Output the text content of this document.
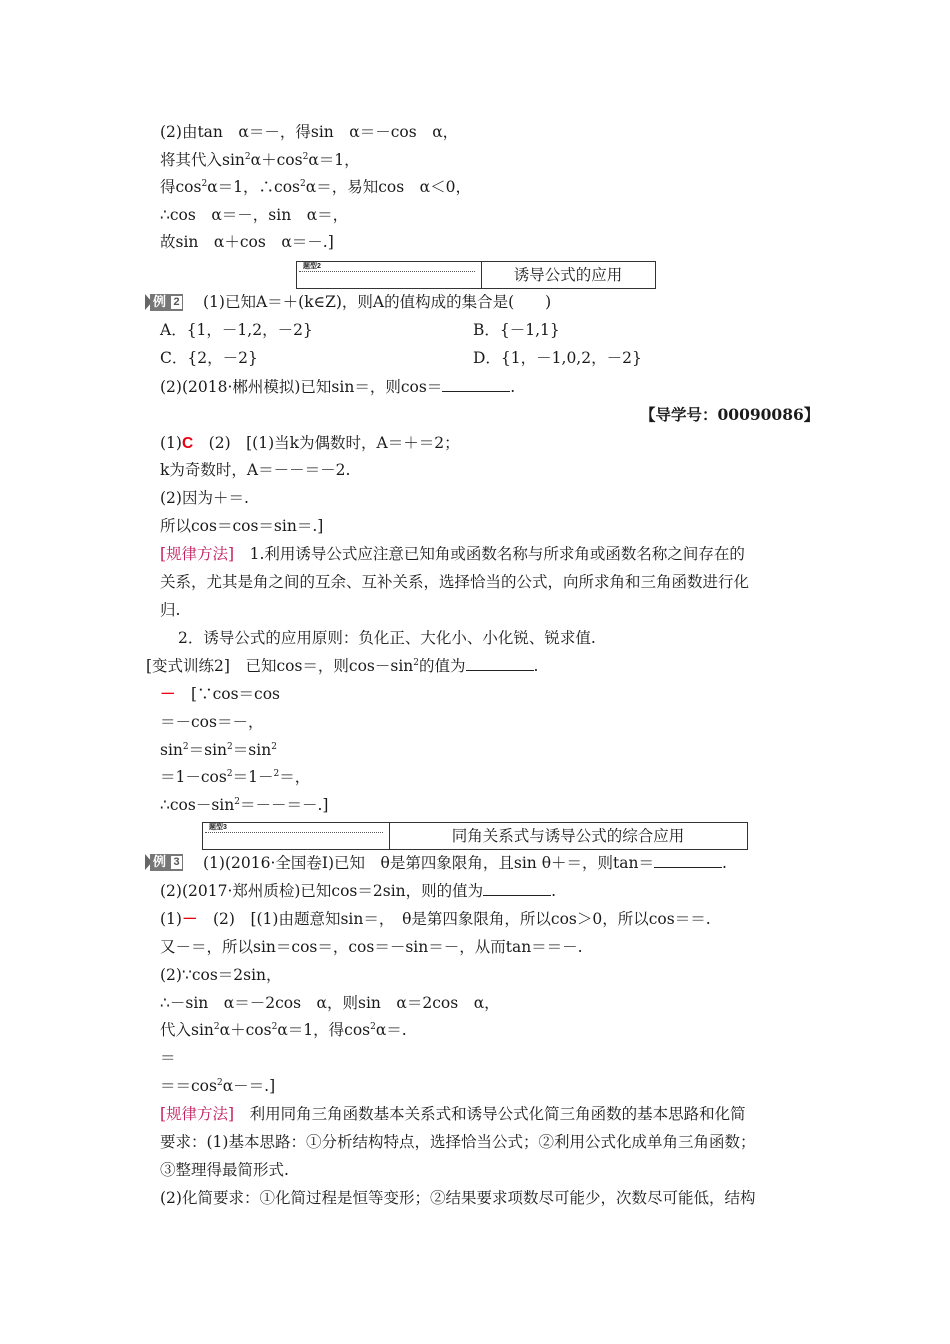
(2)由tan　α＝－，得sin　α＝－cos　α，
将其代入$\sin^2\alpha+\cos^2\alpha=1$，
得$\cos^2\alpha=1$，$\therefore\cos^2\alpha=$，易知cos　α＜0，
∴cos　α＝－，sin　α＝，
故sin　α＋cos　α＝－.]
题型2	诱导公式的应用
例 2 (1)已知A＝＋(k∈Z)，则A的值构成的集合是(　　)
A．{1，－1,2，－2}	B．{－1,1}
C．{2，－2}	D．{1，－1,0,2，－2}
(2)(2018·郴州模拟)已知sin＝，则cos＝	.
【导学号：00090086】
(1)C　(2)　[(1)当k为偶数时，A＝＋＝2；
k为奇数时，A＝－－＝－2.
(2)因为＋＝.
所以cos＝cos＝sin＝.]
[规律方法]　1.利用诱导公式应注意已知角或函数名称与所求角或函数名称之间存在的
关系，尤其是角之间的互余、互补关系，选择恰当的公式，向所求角和三角函数进行化
归.
2．诱导公式的应用原则：负化正、大化小、小化锐、锐求值.
[变式训练2]　已知cos＝，则$\cos-\sin^2$的值为	.
－　[∵cos＝cos
＝－cos＝－，
$\sin^2=\sin^2=\sin^2$
$=1-\cos^2=1-^2=$，
$\therefore\cos-\sin^2=--=-$.]
题型3	同角关系式与诱导公式的综合应用
例 3 (1)(2016·全国卷Ⅰ)已知　θ是第四象限角，且sin θ＋＝，则tan＝	.
(2)(2017·郑州质检)已知cos＝2sin，则的值为	.
(1)－　(2)　[(1)由题意知sin＝，　θ是第四象限角，所以cos＞0，所以cos＝＝.
又－＝，所以sin＝cos＝，cos＝－sin＝－，从而tan＝＝－.
(2)∵cos＝2sin，
∴－sin　α＝－2cos　α，则sin　α＝2cos　α，
代入$\sin^2\alpha+\cos^2\alpha=1$，得$\cos^2\alpha=$.
＝
$==\cos^2\alpha-=$.]
[规律方法]　利用同角三角函数基本关系式和诱导公式化简三角函数的基本思路和化简
要求：(1)基本思路：①分析结构特点，选择恰当公式；②利用公式化成单角三角函数；
③整理得最简形式.
(2)化简要求：①化简过程是恒等变形；②结果要求项数尽可能少，次数尽可能低，结构
